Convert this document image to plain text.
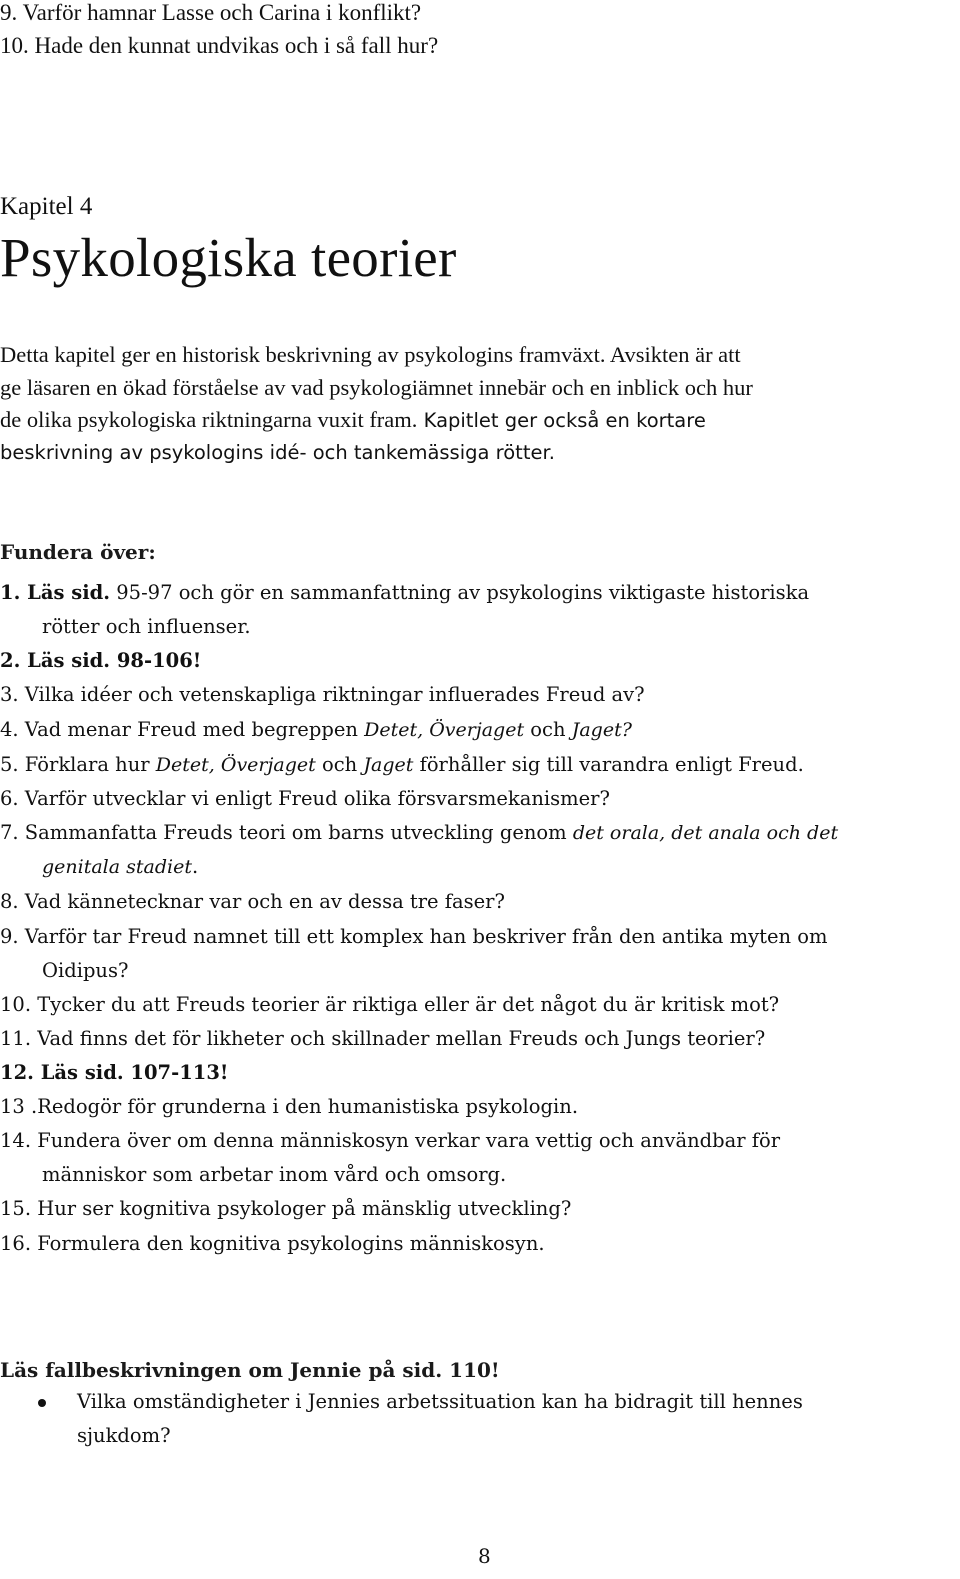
9. Varför hamnar Lasse och Carina i konflikt?
10. Hade den kunnat undvikas och i så fall hur?
Kapitel 4
Psykologiska teorier
Detta kapitel ger en historisk beskrivning av psykologins framväxt. Avsikten är att
ge läsaren en ökad förståelse av vad psykologiämnet innebär och en inblick och hur
de olika psykologiska riktningarna vuxit fram. Kapitlet ger också en kortare
beskrivning av psykologins idé- och tankemässiga rötter.
Fundera över:
1. Läs sid. 95-97 och gör en sammanfattning av psykologins viktigaste historiska
rötter och influenser.
2. Läs sid. 98-106!
3. Vilka idéer och vetenskapliga riktningar influerades Freud av?
4. Vad menar Freud med begreppen Detet, Överjaget och Jaget?
5. Förklara hur Detet, Överjaget och Jaget förhåller sig till varandra enligt Freud.
6. Varför utvecklar vi enligt Freud olika försvarsmekanismer?
7. Sammanfatta Freuds teori om barns utveckling genom det orala, det anala och det
genitala stadiet.
8. Vad kännetecknar var och en av dessa tre faser?
9. Varför tar Freud namnet till ett komplex han beskriver från den antika myten om
Oidipus?
10. Tycker du att Freuds teorier är riktiga eller är det något du är kritisk mot?
11. Vad finns det för likheter och skillnader mellan Freuds och Jungs teorier?
12. Läs sid. 107-113!
13 .Redogör för grunderna i den humanistiska psykologin.
14. Fundera över om denna människosyn verkar vara vettig och användbar för
människor som arbetar inom vård och omsorg.
15. Hur ser kognitiva psykologer på mänsklig utveckling?
16. Formulera den kognitiva psykologins människosyn.
Läs fallbeskrivningen om Jennie på sid. 110!
Vilka omständigheter i Jennies arbetssituation kan ha bidragit till hennes
sjukdom?
8
